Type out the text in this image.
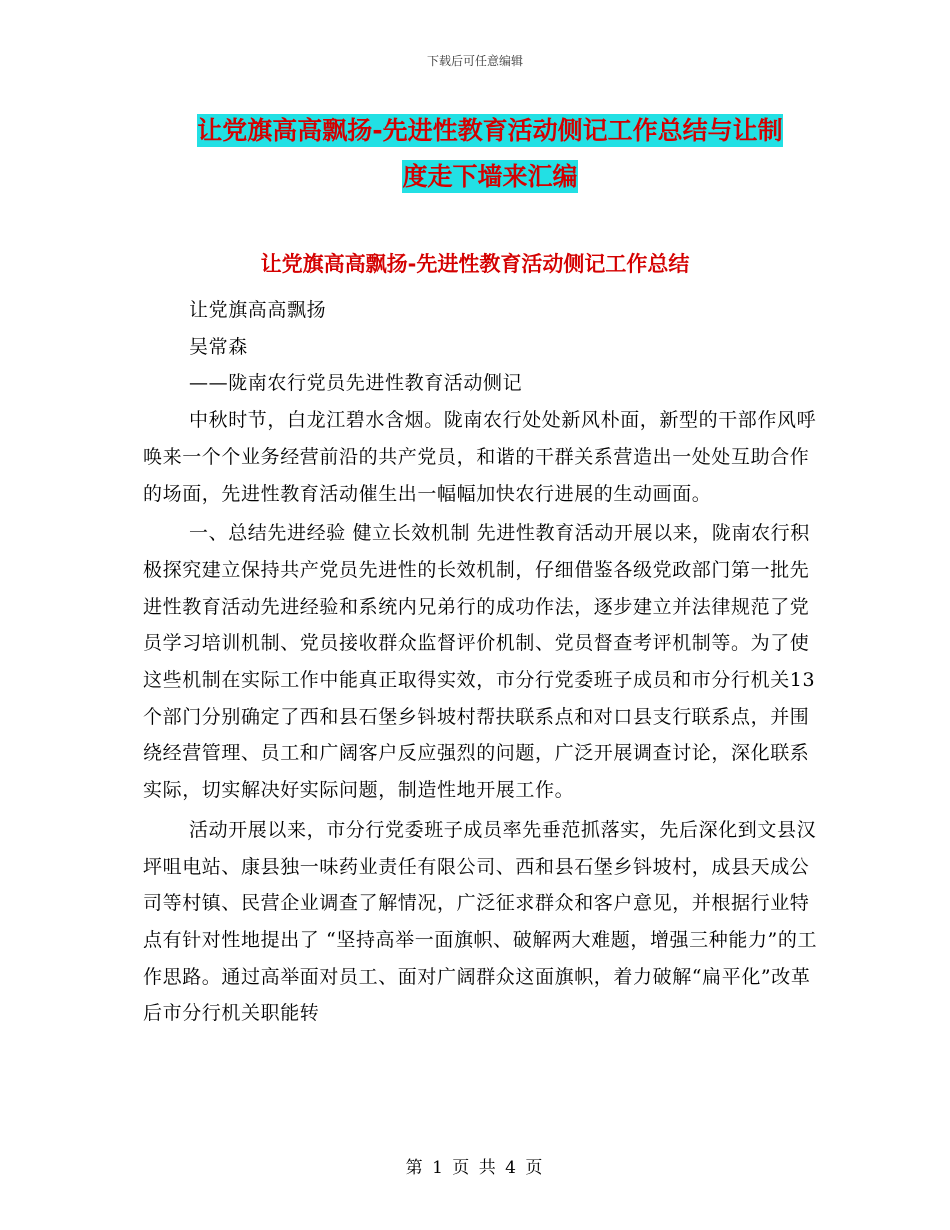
下载后可任意编辑
让党旗高高飘扬-先进性教育活动侧记工作总结与让制
度走下墙来汇编
让党旗高高飘扬-先进性教育活动侧记工作总结

让党旗高高飘扬

吴常森

——陇南农行党员先进性教育活动侧记

中秋时节，白龙江碧水含烟。陇南农行处处新风朴面，新型的干部作风呼唤来一个个业务经营前沿的共产党员，和谐的干群关系营造出一处处互助合作的场面，先进性教育活动催生出一幅幅加快农行进展的生动画面。

一、总结先进经验 健立长效机制 先进性教育活动开展以来，陇南农行积极探究建立保持共产党员先进性的长效机制，仔细借鉴各级党政部门第一批先进性教育活动先进经验和系统内兄弟行的成功作法，逐步建立并法律规范了党员学习培训机制、党员接收群众监督评价机制、党员督查考评机制等。为了使这些机制在实际工作中能真正取得实效，市分行党委班子成员和市分行机关13个部门分别确定了西和县石堡乡钭坡村帮扶联系点和对口县支行联系点，并围绕经营管理、员工和广阔客户反应强烈的问题，广泛开展调查讨论，深化联系实际，切实解决好实际问题，制造性地开展工作。

活动开展以来，市分行党委班子成员率先垂范抓落实，先后深化到文县汉坪咀电站、康县独一味药业责任有限公司、西和县石堡乡钭坡村，成县天成公司等村镇、民营企业调查了解情况，广泛征求群众和客户意见，并根据行业特点有针对性地提出了 “坚持高举一面旗帜、破解两大难题，增强三种能力”的工作思路。通过高举面对员工、面对广阔群众这面旗帜，着力破解“扁平化”改革后市分行机关职能转

第 1 页 共 4 页
